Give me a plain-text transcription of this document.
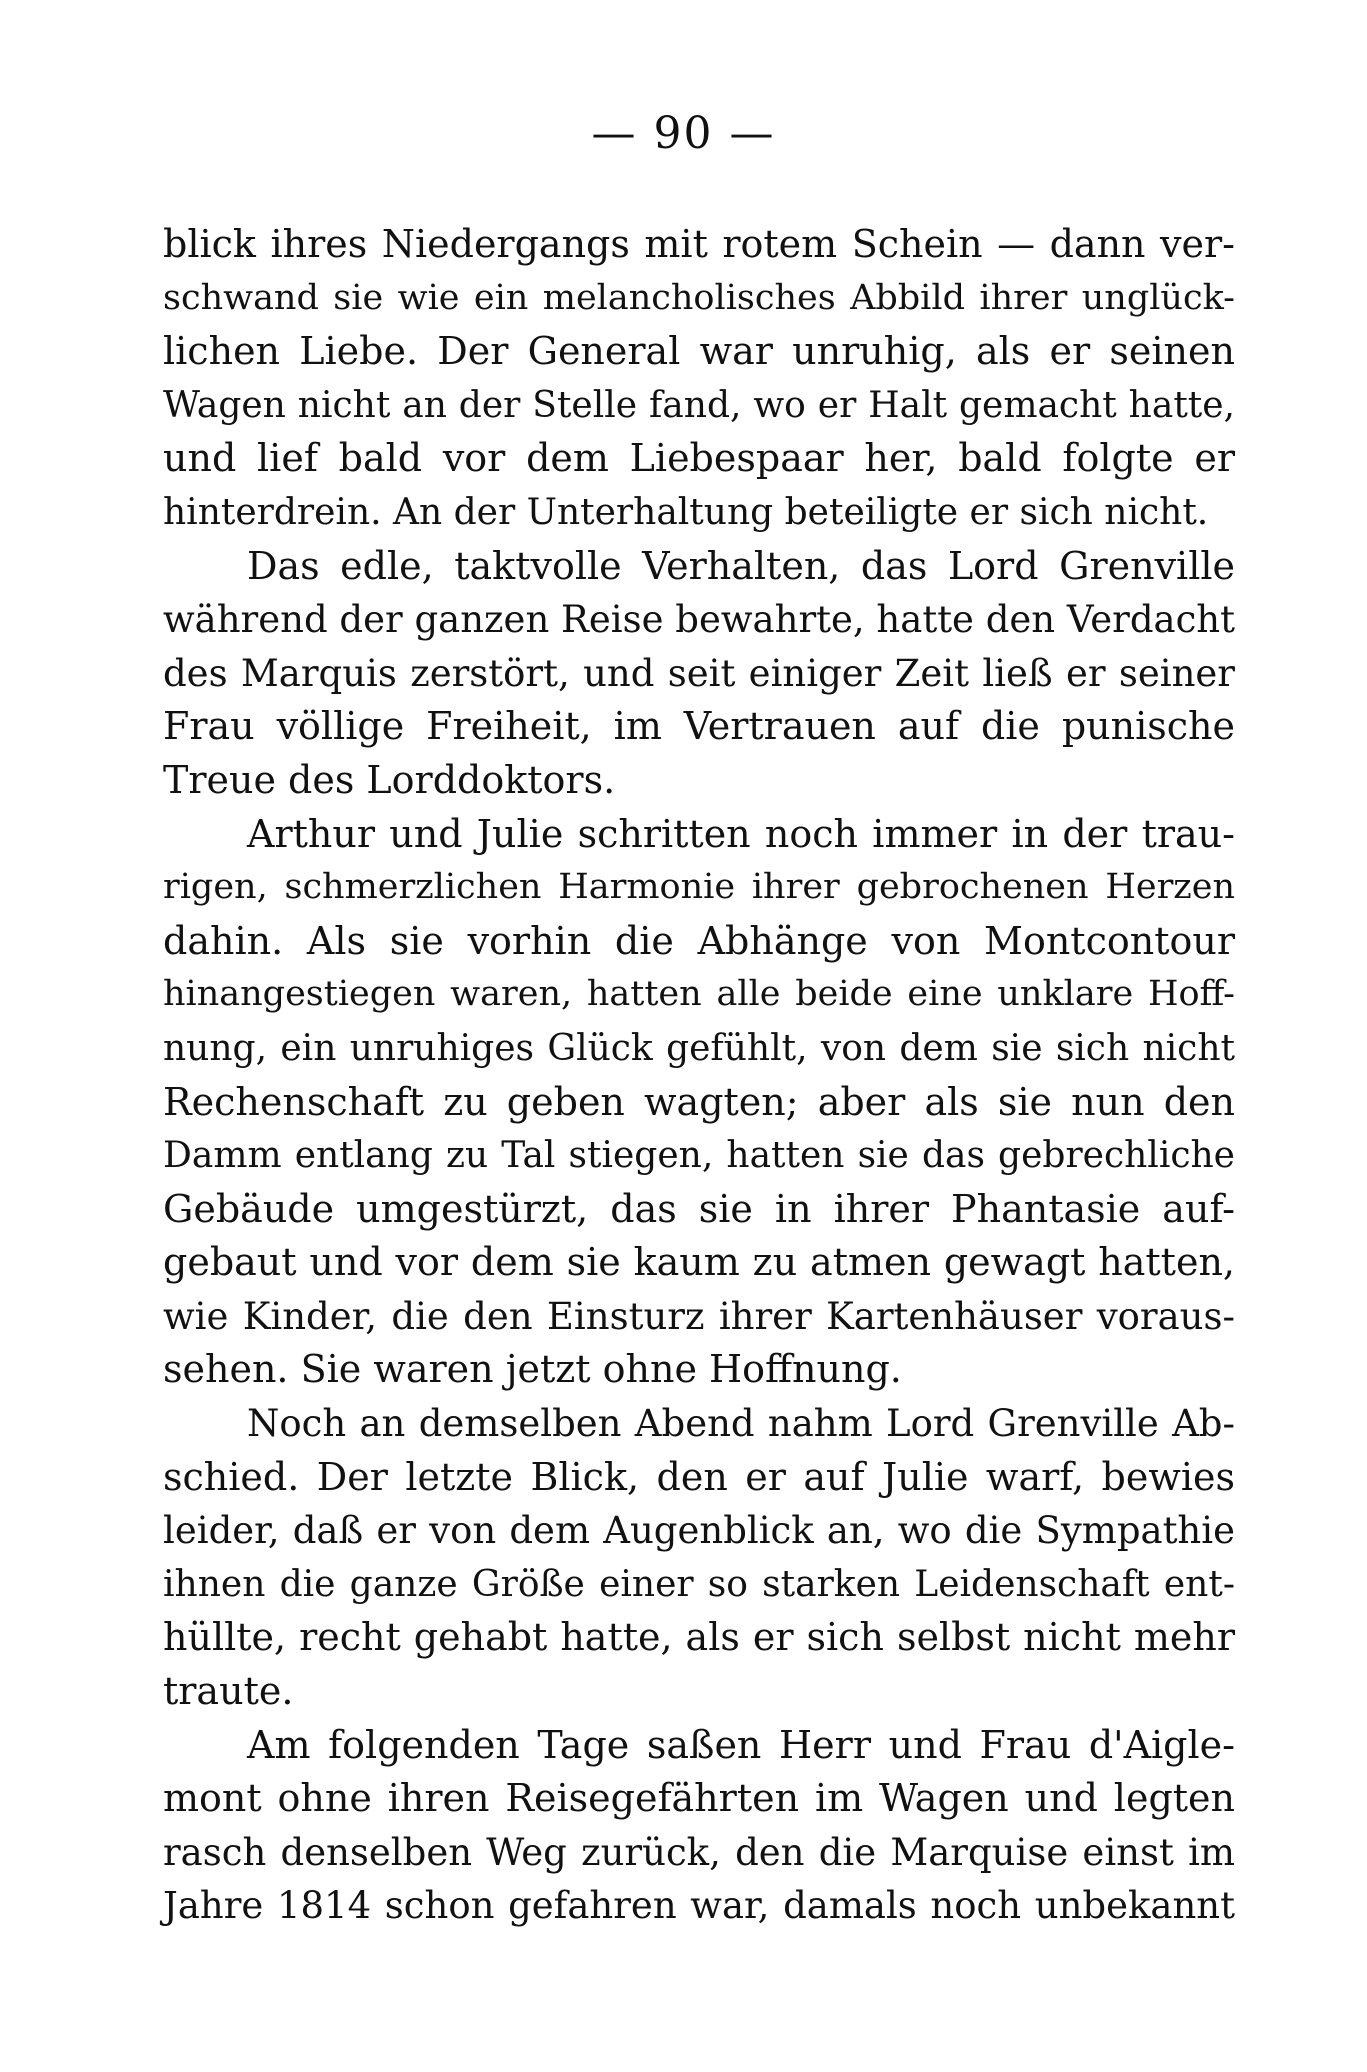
— 90 —
blick ihres Niedergangs mit rotem Schein — dann ver-
schwand sie wie ein melancholisches Abbild ihrer unglück-
lichen Liebe. Der General war unruhig, als er seinen
Wagen nicht an der Stelle fand, wo er Halt gemacht hatte,
und lief bald vor dem Liebespaar her, bald folgte er
hinterdrein. An der Unterhaltung beteiligte er sich nicht.
Das edle, taktvolle Verhalten, das Lord Grenville
während der ganzen Reise bewahrte, hatte den Verdacht
des Marquis zerstört, und seit einiger Zeit ließ er seiner
Frau völlige Freiheit, im Vertrauen auf die punische
Treue des Lorddoktors.
Arthur und Julie schritten noch immer in der trau-
rigen, schmerzlichen Harmonie ihrer gebrochenen Herzen
dahin. Als sie vorhin die Abhänge von Montcontour
hinangestiegen waren, hatten alle beide eine unklare Hoff-
nung, ein unruhiges Glück gefühlt, von dem sie sich nicht
Rechenschaft zu geben wagten; aber als sie nun den
Damm entlang zu Tal stiegen, hatten sie das gebrechliche
Gebäude umgestürzt, das sie in ihrer Phantasie auf-
gebaut und vor dem sie kaum zu atmen gewagt hatten,
wie Kinder, die den Einsturz ihrer Kartenhäuser voraus-
sehen. Sie waren jetzt ohne Hoffnung.
Noch an demselben Abend nahm Lord Grenville Ab-
schied. Der letzte Blick, den er auf Julie warf, bewies
leider, daß er von dem Augenblick an, wo die Sympathie
ihnen die ganze Größe einer so starken Leidenschaft ent-
hüllte, recht gehabt hatte, als er sich selbst nicht mehr
traute.
Am folgenden Tage saßen Herr und Frau d'Aigle-
mont ohne ihren Reisegefährten im Wagen und legten
rasch denselben Weg zurück, den die Marquise einst im
Jahre 1814 schon gefahren war, damals noch unbekannt
